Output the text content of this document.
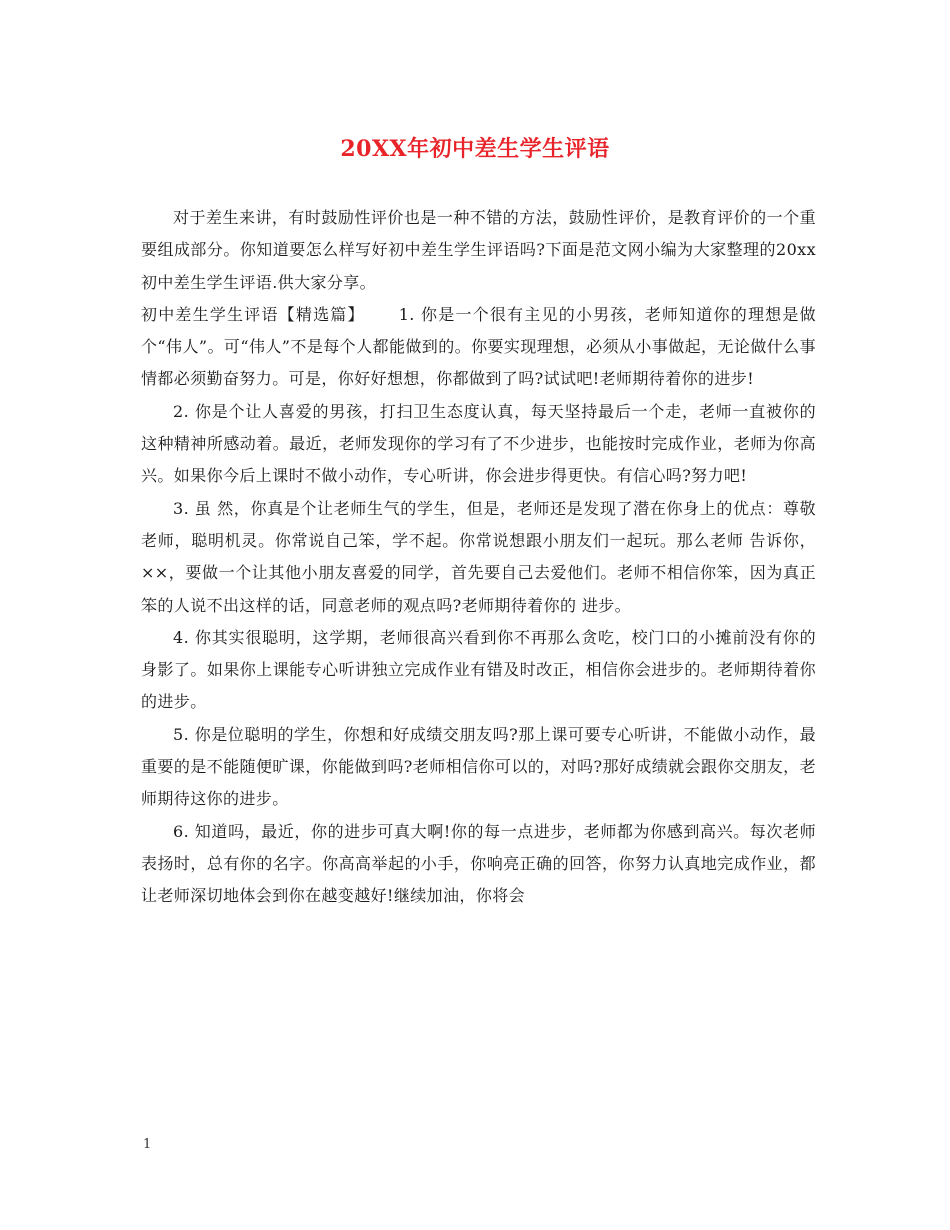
20XX年初中差生学生评语

对于差生来讲，有时鼓励性评价也是一种不错的方法，鼓励性评价，是教育评价的一个重要组成部分。你知道要怎么样写好初中差生学生评语吗?下面是范文网小编为大家整理的20xx初中差生学生评语.供大家分享。

初中差生学生评语【精选篇】 1. 你是一个很有主见的小男孩，老师知道你的理想是做个“伟人”。可“伟人”不是每个人都能做到的。你要实现理想，必须从小事做起，无论做什么事情都必须勤奋努力。可是，你好好想想，你都做到了吗?试试吧!老师期待着你的进步!

2. 你是个让人喜爱的男孩，打扫卫生态度认真，每天坚持最后一个走，老师一直被你的这种精神所感动着。最近，老师发现你的学习有了不少进步，也能按时完成作业，老师为你高兴。如果你今后上课时不做小动作，专心听讲，你会进步得更快。有信心吗?努力吧!

3. 虽 然，你真是个让老师生气的学生，但是，老师还是发现了潜在你身上的优点：尊敬老师，聪明机灵。你常说自己笨，学不起。你常说想跟小朋友们一起玩。那么老师 告诉你，××，要做一个让其他小朋友喜爱的同学，首先要自己去爱他们。老师不相信你笨，因为真正笨的人说不出这样的话，同意老师的观点吗?老师期待着你的 进步。

4. 你其实很聪明，这学期，老师很高兴看到你不再那么贪吃，校门口的小摊前没有你的身影了。如果你上课能专心听讲独立完成作业有错及时改正，相信你会进步的。老师期待着你的进步。

5. 你是位聪明的学生，你想和好成绩交朋友吗?那上课可要专心听讲，不能做小动作，最重要的是不能随便旷课，你能做到吗?老师相信你可以的，对吗?那好成绩就会跟你交朋友，老师期待这你的进步。

6. 知道吗，最近，你的进步可真大啊!你的每一点进步，老师都为你感到高兴。每次老师表扬时，总有你的名字。你高高举起的小手，你响亮正确的回答，你努力认真地完成作业，都让老师深切地体会到你在越变越好!继续加油，你将会

1
